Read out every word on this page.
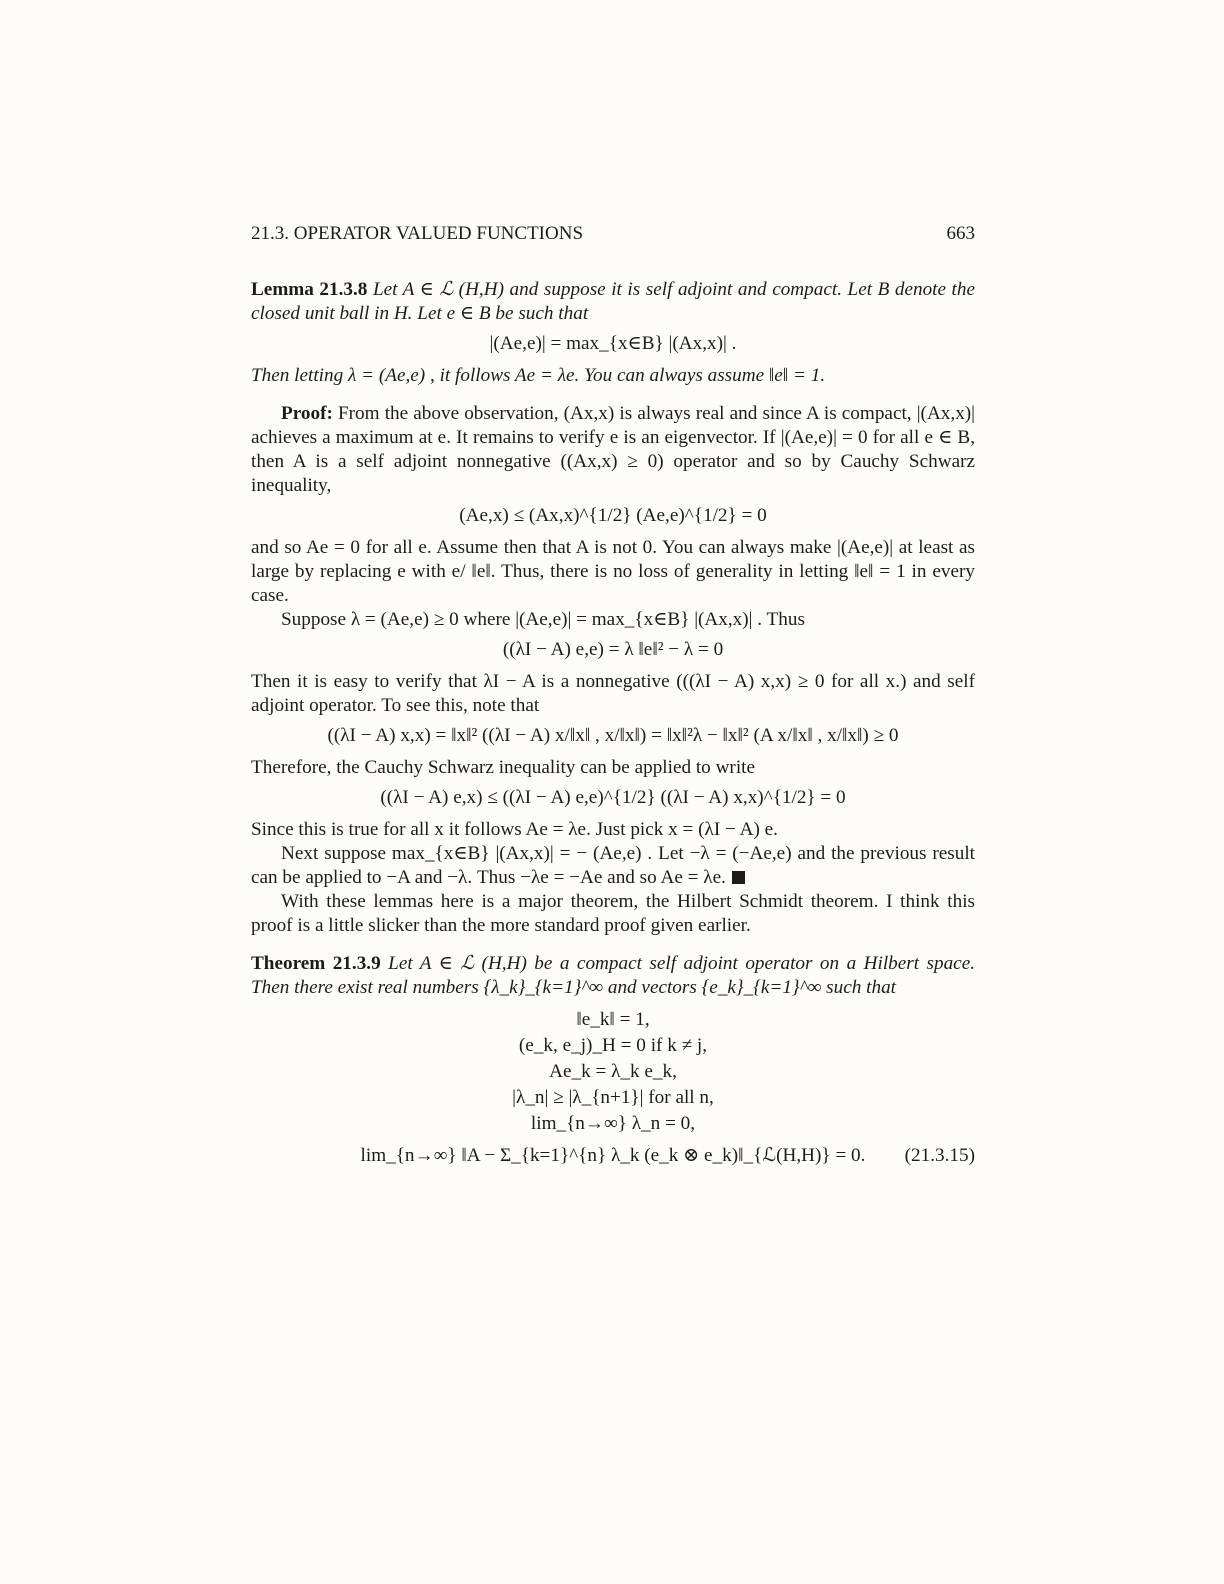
21.3. OPERATOR VALUED FUNCTIONS	663

Lemma 21.3.8 Let A ∈ ℒ (H,H) and suppose it is self adjoint and compact. Let B denote the closed unit ball in H. Let e ∈ B be such that

|(Ae,e)| = max_{x∈B} |(Ax,x)| .

Then letting λ = (Ae,e) , it follows Ae = λe. You can always assume ‖e‖ = 1.

Proof: From the above observation, (Ax,x) is always real and since A is compact, |(Ax,x)| achieves a maximum at e. It remains to verify e is an eigenvector. If |(Ae,e)| = 0 for all e ∈ B, then A is a self adjoint nonnegative ((Ax,x) ≥ 0) operator and so by Cauchy Schwarz inequality,

(Ae,x) ≤ (Ax,x)^{1/2} (Ae,e)^{1/2} = 0

and so Ae = 0 for all e. Assume then that A is not 0. You can always make |(Ae,e)| at least as large by replacing e with e/ ‖e‖. Thus, there is no loss of generality in letting ‖e‖ = 1 in every case.

Suppose λ = (Ae,e) ≥ 0 where |(Ae,e)| = max_{x∈B} |(Ax,x)| . Thus

((λI − A) e,e) = λ ‖e‖² − λ = 0

Then it is easy to verify that λI − A is a nonnegative (((λI − A) x,x) ≥ 0 for all x.) and self adjoint operator. To see this, note that

((λI − A) x,x) = ‖x‖² ((λI − A) x/‖x‖ , x/‖x‖) = ‖x‖²λ − ‖x‖² (A x/‖x‖ , x/‖x‖) ≥ 0

Therefore, the Cauchy Schwarz inequality can be applied to write

((λI − A) e,x) ≤ ((λI − A) e,e)^{1/2} ((λI − A) x,x)^{1/2} = 0

Since this is true for all x it follows Ae = λe. Just pick x = (λI − A) e.

Next suppose max_{x∈B} |(Ax,x)| = − (Ae,e) . Let −λ = (−Ae,e) and the previous result can be applied to −A and −λ. Thus −λe = −Ae and so Ae = λe.

With these lemmas here is a major theorem, the Hilbert Schmidt theorem. I think this proof is a little slicker than the more standard proof given earlier.

Theorem 21.3.9 Let A ∈ ℒ (H,H) be a compact self adjoint operator on a Hilbert space. Then there exist real numbers {λ_k}_{k=1}^∞ and vectors {e_k}_{k=1}^∞ such that

‖e_k‖ = 1,
(e_k, e_j)_H = 0 if k ≠ j,
Ae_k = λ_k e_k,
|λ_n| ≥ |λ_{n+1}| for all n,
lim_{n→∞} λ_n = 0,
lim_{n→∞} ‖A − Σ_{k=1}^{n} λ_k (e_k ⊗ e_k)‖_{ℒ(H,H)} = 0. (21.3.15)
